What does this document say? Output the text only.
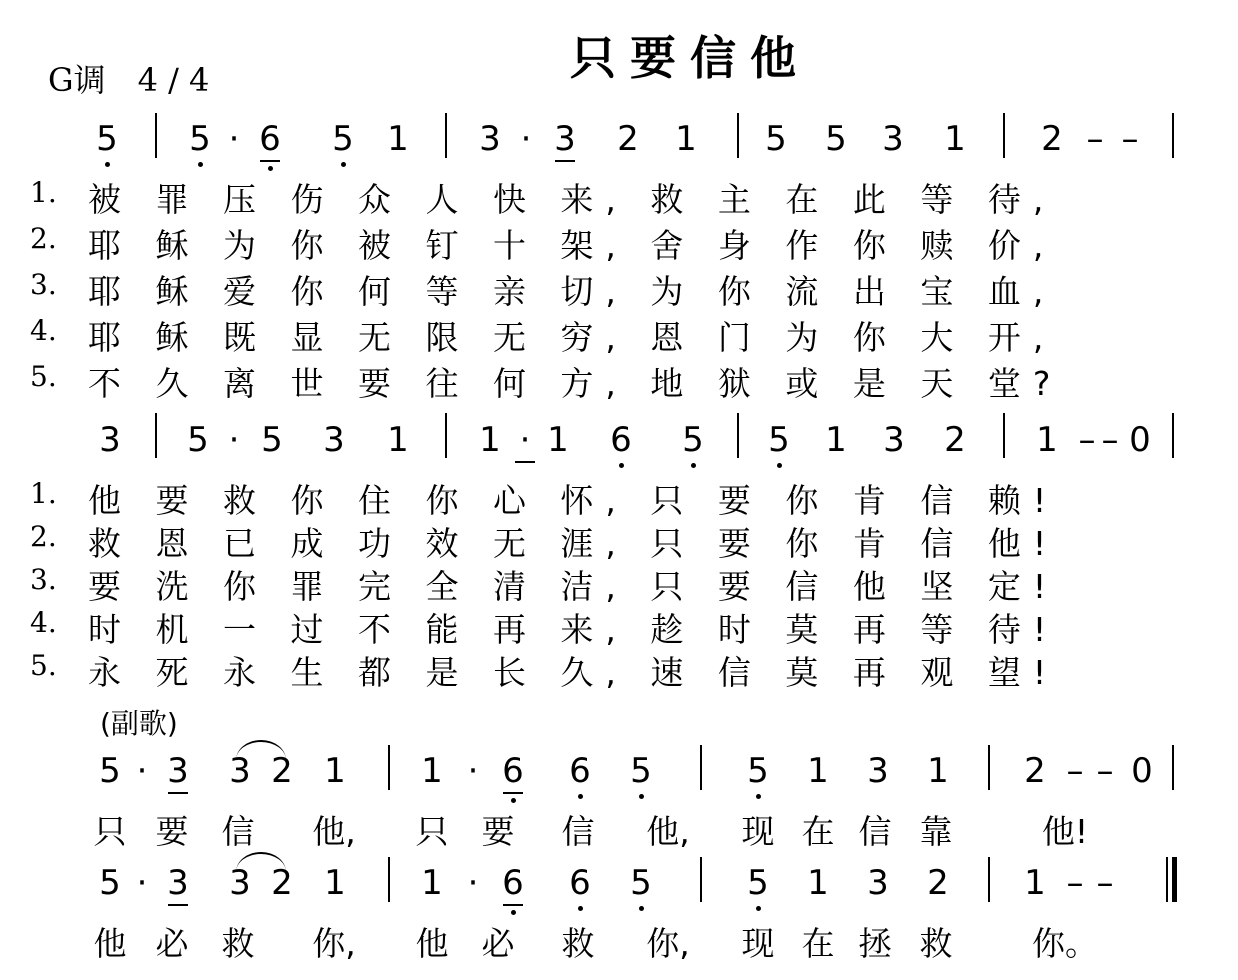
G调　4 / 4	只要信他
5 5 · 6 5 1 3 · 3 2 1 5 5 3 1 2 – –
1. 被 罪 压 伤 众 人 快 来, 救 主 在 此 等 待,
2. 耶 稣 为 你 被 钉 十 架, 舍 身 作 你 赎 价,
3. 耶 稣 爱 你 何 等 亲 切, 为 你 流 出 宝 血,
4. 耶 稣 既 显 无 限 无 穷, 恩 门 为 你 大 开,
5. 不 久 离 世 要 往 何 方, 地 狱 或 是 天 堂?
3 5 · 5 3 1 1 · 1 6 5 5 1 3 2 1 – – 0
1. 他 要 救 你 住 你 心 怀, 只 要 你 肯 信 赖!
2. 救 恩 已 成 功 效 无 涯, 只 要 你 肯 信 他!
3. 要 洗 你 罪 完 全 清 洁, 只 要 信 他 坚 定!
4. 时 机 一 过 不 能 再 来, 趁 时 莫 再 等 待!
5. 永 死 永 生 都 是 长 久, 速 信 莫 再 观 望!
(副歌)
5 · 3 3 2 1 1 · 6 6 5	5 1 3 1 2 – – 0
只 要 信 他, 只 要 信 他, 现 在 信 靠	他!
5 · 3 3 2 1 1 · 6 6 5	5 1 3 2 1 – –
他 必 救 你, 他 必 救 你, 现 在 拯 救 你。
